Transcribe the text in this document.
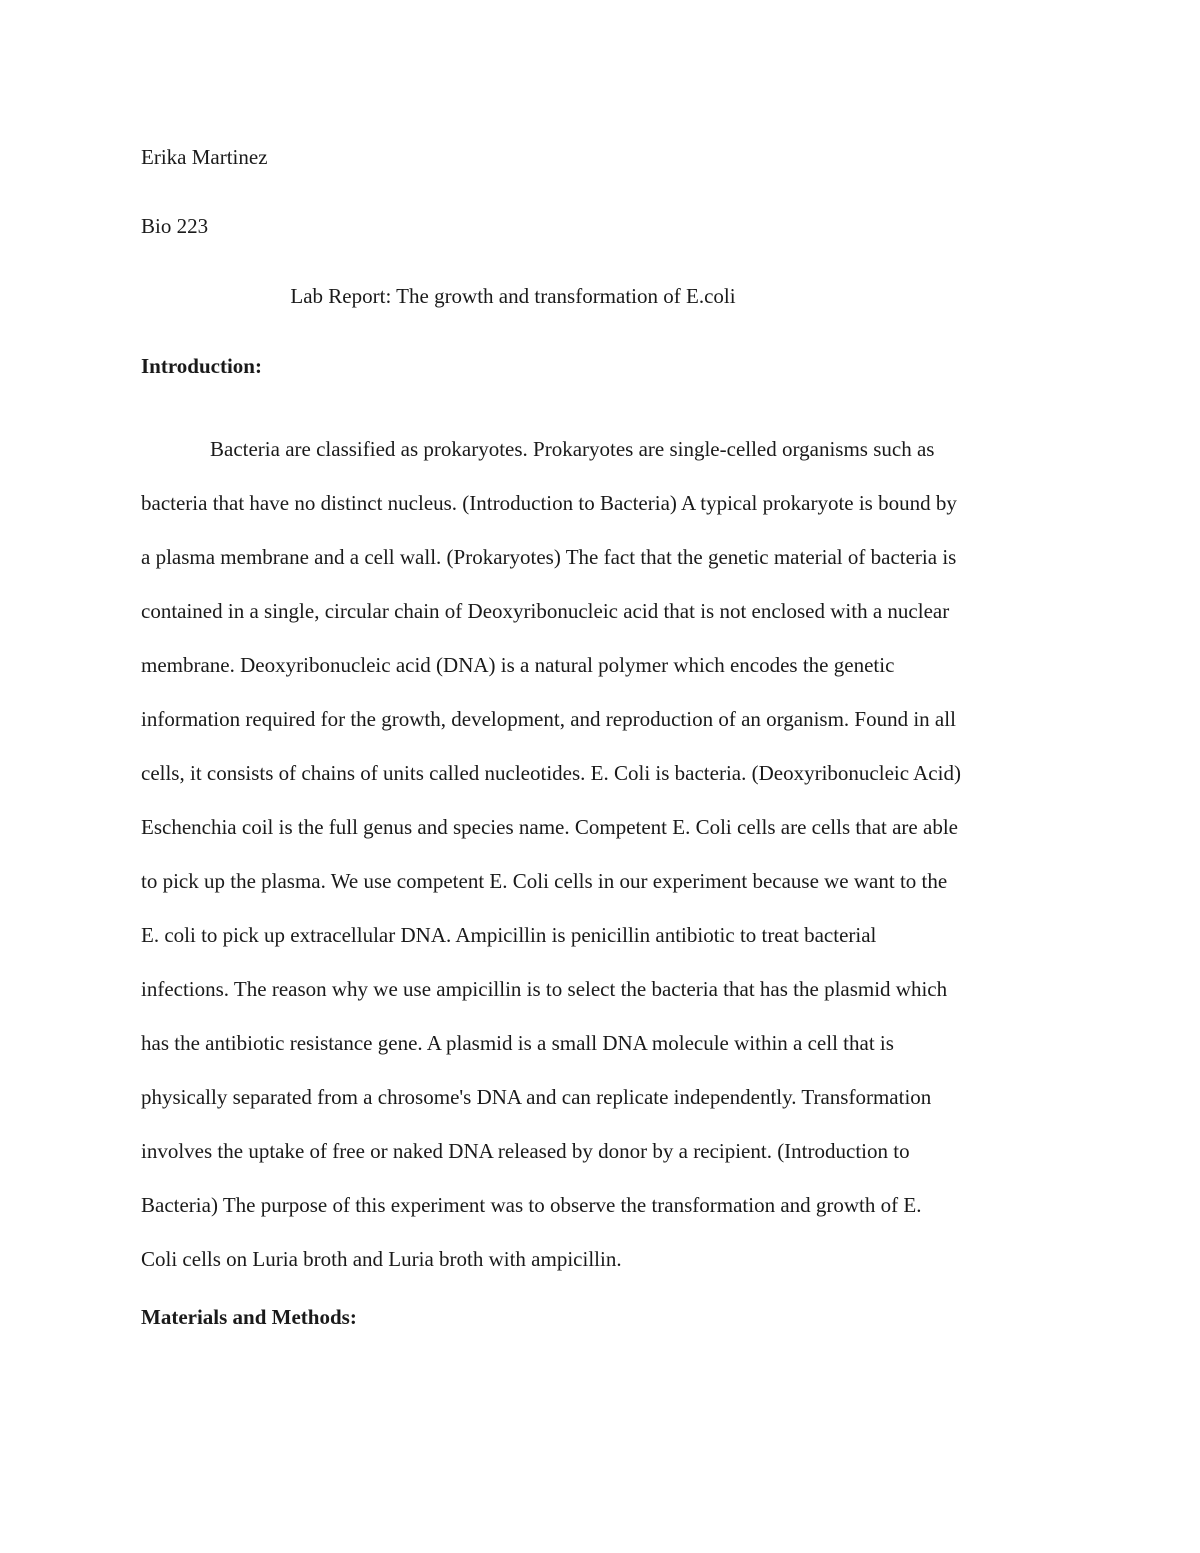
Erika Martinez
Bio 223
Lab Report: The growth and transformation of E.coli
Introduction:
Bacteria are classified as prokaryotes. Prokaryotes are single-celled organisms such as
bacteria that have no distinct nucleus. (Introduction to Bacteria) A typical prokaryote is bound by
a plasma membrane and a cell wall. (Prokaryotes) The fact that the genetic material of bacteria is
contained in a single, circular chain of Deoxyribonucleic acid that is not enclosed with a nuclear
membrane. Deoxyribonucleic acid (DNA) is a natural polymer which encodes the genetic
information required for the growth, development, and reproduction of an organism. Found in all
cells, it consists of chains of units called nucleotides. E. Coli is bacteria. (Deoxyribonucleic Acid)
Eschenchia coil is the full genus and species name. Competent E. Coli cells are cells that are able
to pick up the plasma. We use competent E. Coli cells in our experiment because we want to the
E. coli to pick up extracellular DNA. Ampicillin is penicillin antibiotic to treat bacterial
infections. The reason why we use ampicillin is to select the bacteria that has the plasmid which
has the antibiotic resistance gene. A plasmid is a small DNA molecule within a cell that is
physically separated from a chrosome's DNA and can replicate independently. Transformation
involves the uptake of free or naked DNA released by donor by a recipient. (Introduction to
Bacteria) The purpose of this experiment was to observe the transformation and growth of E.
Coli cells on Luria broth and Luria broth with ampicillin.
Materials and Methods:
